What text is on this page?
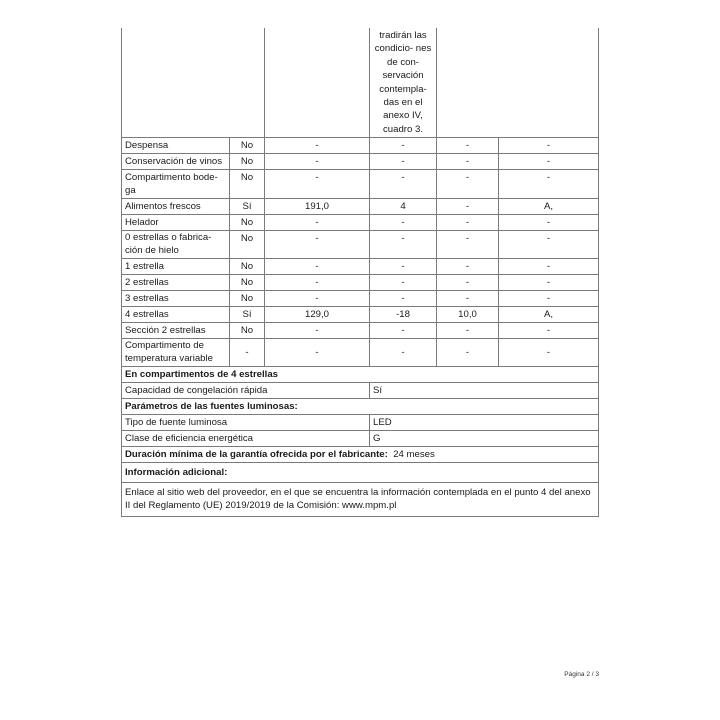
			tradirán las condicio- nes de con- servación contempla- das en el anexo IV, cuadro 3.		

Despensa	No	-	-	-	-
Conservación de vinos	No	-	-	-	-
Compartimento bode-ga	No	-	-	-	-
Alimentos frescos	Sí	191,0	4	-	A,
Helador	No	-	-	-	-
0 estrellas o fabrica-ción de hielo	No	-	-	-	-
1 estrella	No	-	-	-	-
2 estrellas	No	-	-	-	-
3 estrellas	No	-	-	-	-
4 estrellas	Sí	129,0	-18	10,0	A,
Sección 2 estrellas	No	-	-	-	-
Compartimento de temperatura variable	-	-	-	-	-
En compartimentos de 4 estrellas					
Capacidad de congelación rápida			Sí		
Parámetros de las fuentes luminosas:					
Tipo de fuente luminosa			LED		
Clase de eficiencia energética			G		
Duración mínima de la garantía ofrecida por el fabricante: 24 meses					
Información adicional:					
Enlace al sitio web del proveedor, en el que se encuentra la información contemplada en el punto 4 del anexo II del Reglamento (UE) 2019/2019 de la Comisión: www.mpm.pl					
Página 2 / 3
